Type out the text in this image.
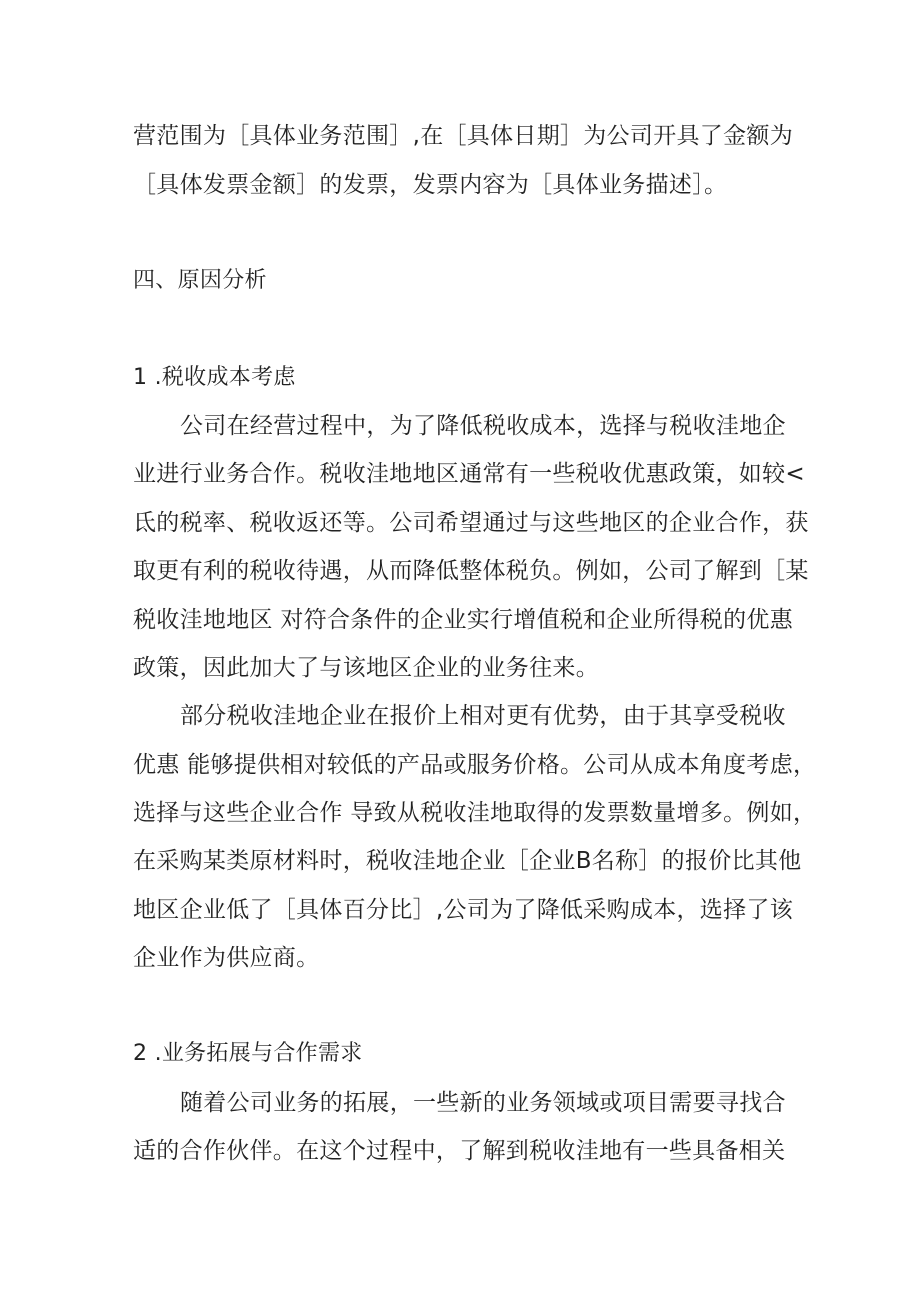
营范围为［具体业务范围］,在［具体日期］为公司开具了金额为
［具体发票金额］的发票，发票内容为［具体业务描述］。
四、原因分析
1 .税收成本考虑
公司在经营过程中，为了降低税收成本，选择与税收洼地企
业进行业务合作。税收洼地地区通常有一些税收优惠政策，如较<
氐的税率、税收返还等。公司希望通过与这些地区的企业合作，获
取更有利的税收待遇，从而降低整体税负。例如，公司了解到［某
税收洼地地区 对符合条件的企业实行增值税和企业所得税的优惠
政策，因此加大了与该地区企业的业务往来。
部分税收洼地企业在报价上相对更有优势，由于其享受税收
优惠 能够提供相对较低的产品或服务价格。公司从成本角度考虑，
选择与这些企业合作 导致从税收洼地取得的发票数量增多。例如，
在采购某类原材料时，税收洼地企业［企业B名称］的报价比其他
地区企业低了［具体百分比］,公司为了降低采购成本，选择了该
企业作为供应商。
2 .业务拓展与合作需求
随着公司业务的拓展，一些新的业务领域或项目需要寻找合
适的合作伙伴。在这个过程中，了解到税收洼地有一些具备相关
